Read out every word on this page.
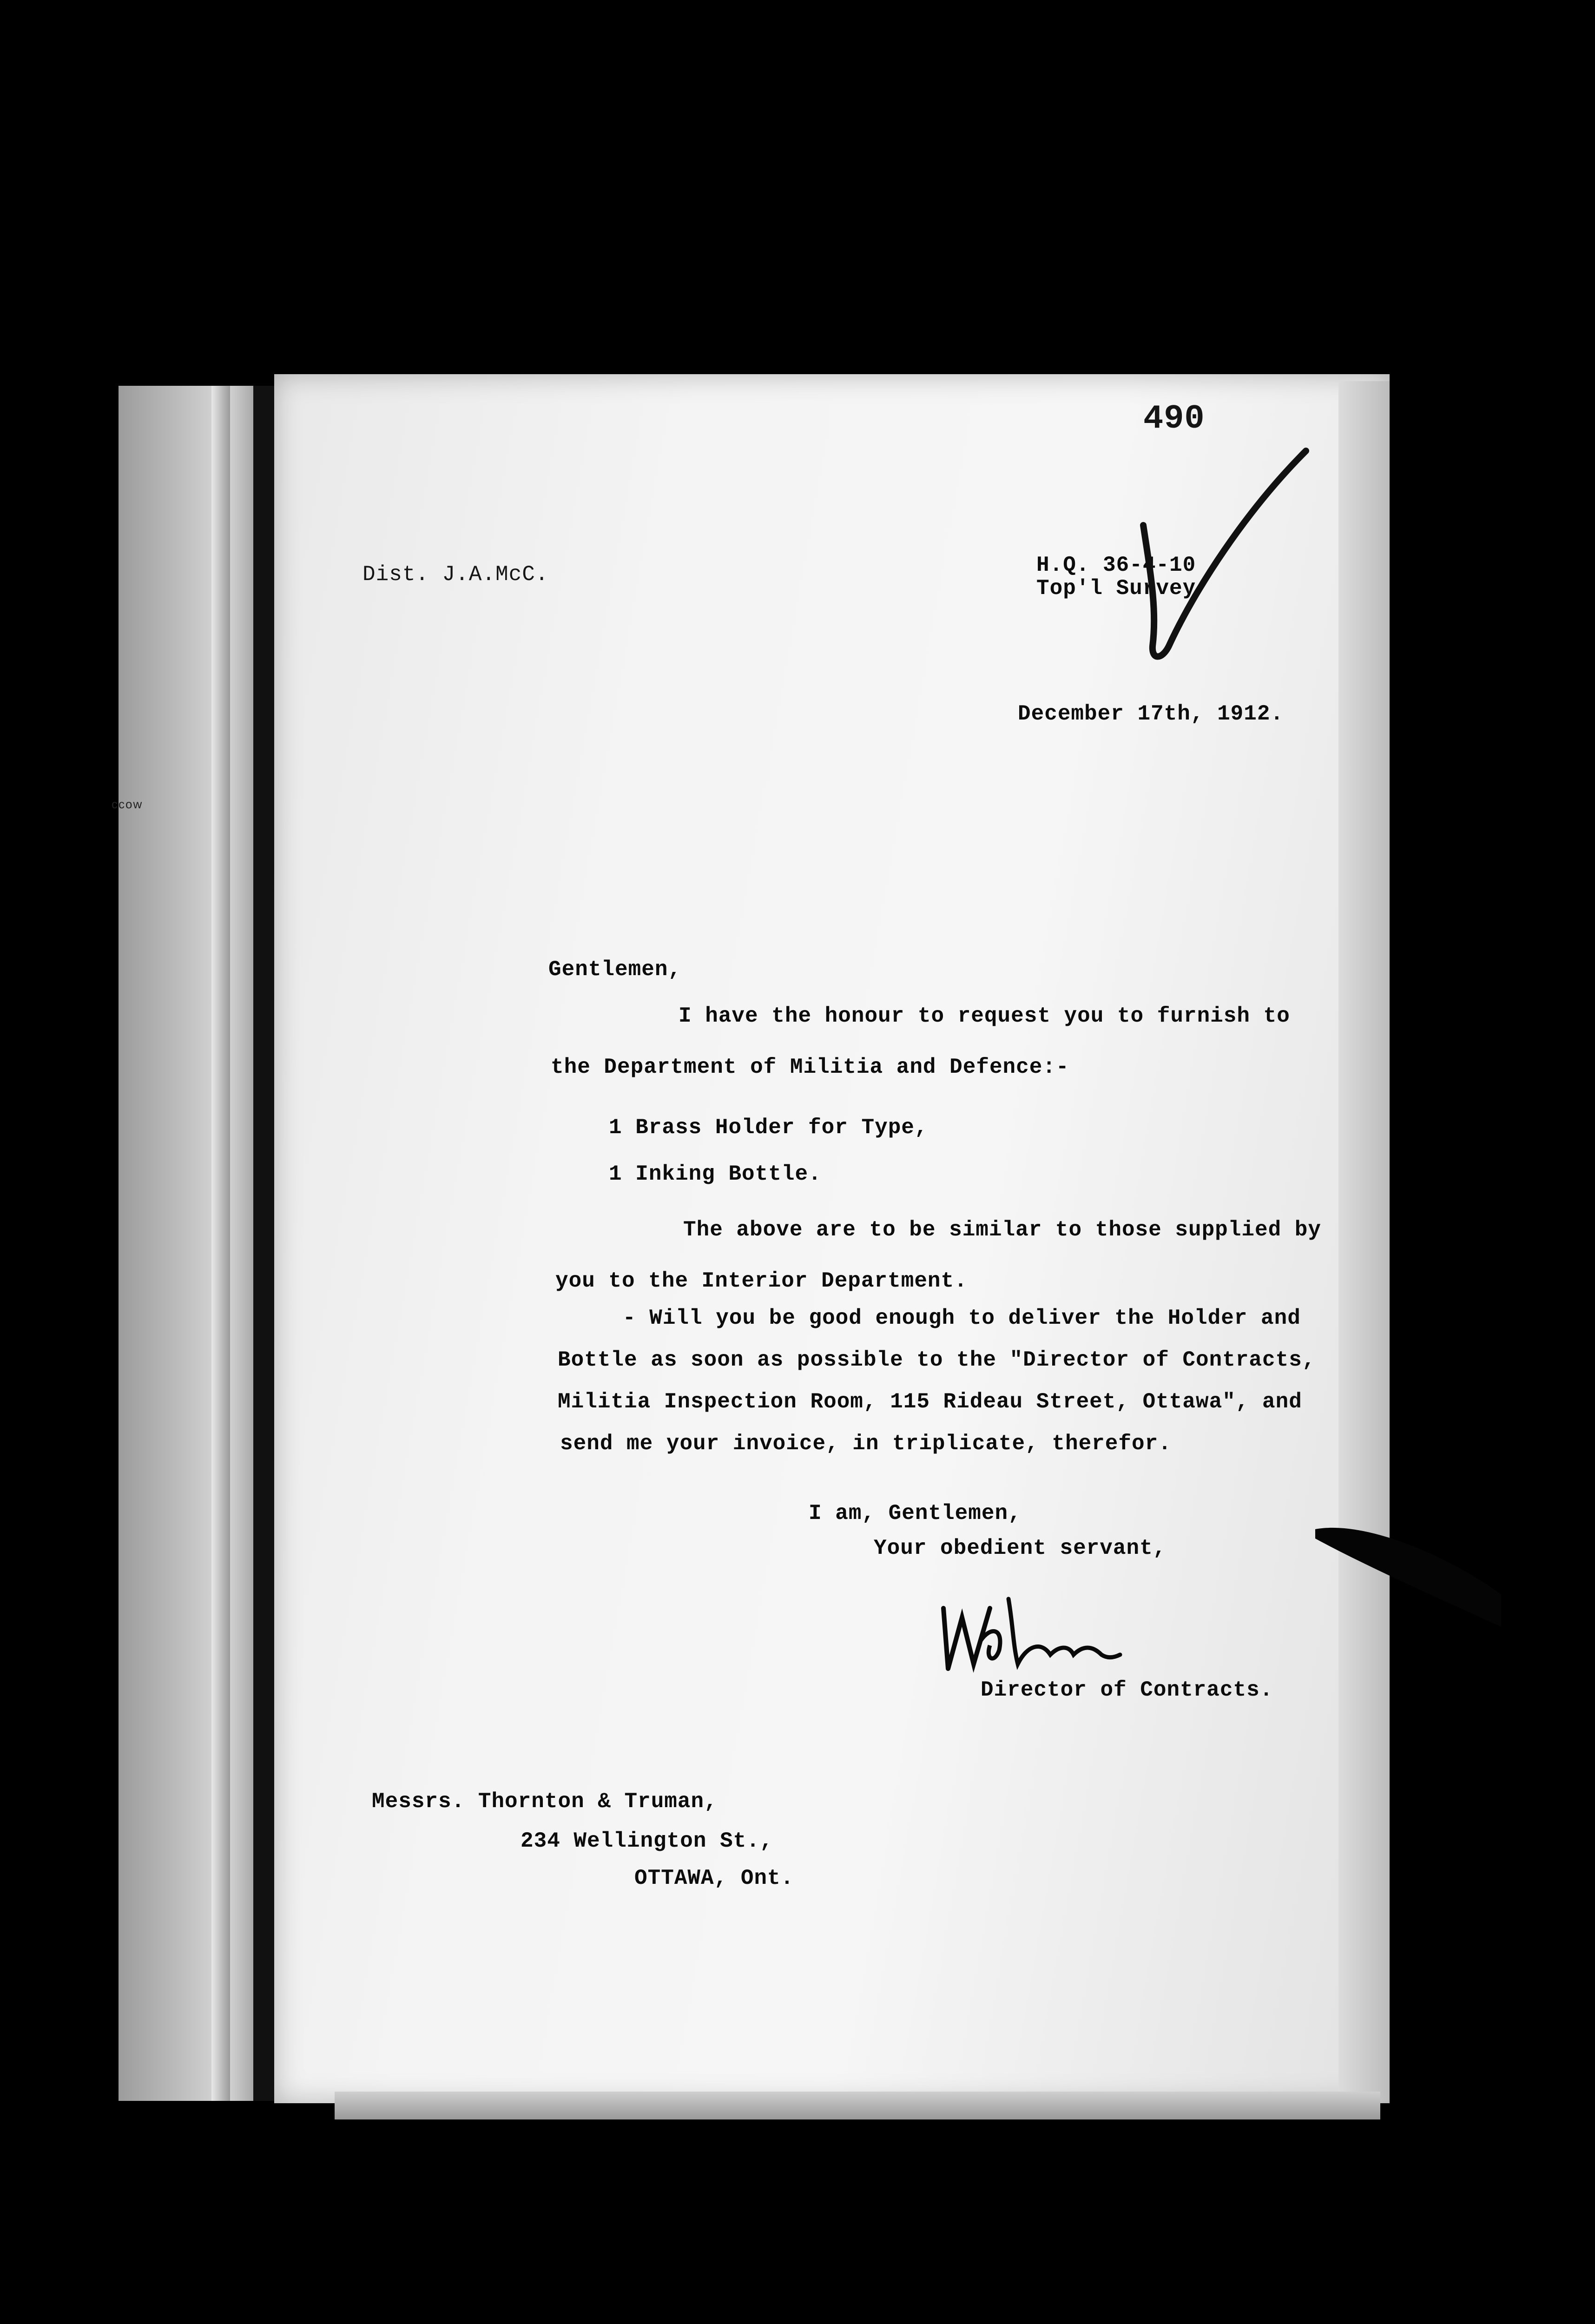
ccow
490
Dist. J.A.McC.	H.Q. 36-4-10
Top'l Survey
December 17th, 1912.
Gentlemen,
I have the honour to request you to furnish to
the Department of Militia and Defence:-
1 Brass Holder for Type,
1 Inking Bottle.
The above are to be similar to those supplied by
you to the Interior Department.
- Will you be good enough to deliver the Holder and
Bottle as soon as possible to the "Director of Contracts,
Militia Inspection Room, 115 Rideau Street, Ottawa", and
send me your invoice, in triplicate, therefor.
I am, Gentlemen,
Your obedient servant,
Director of Contracts.
Messrs. Thornton & Truman,
234 Wellington St.,
OTTAWA, Ont.
